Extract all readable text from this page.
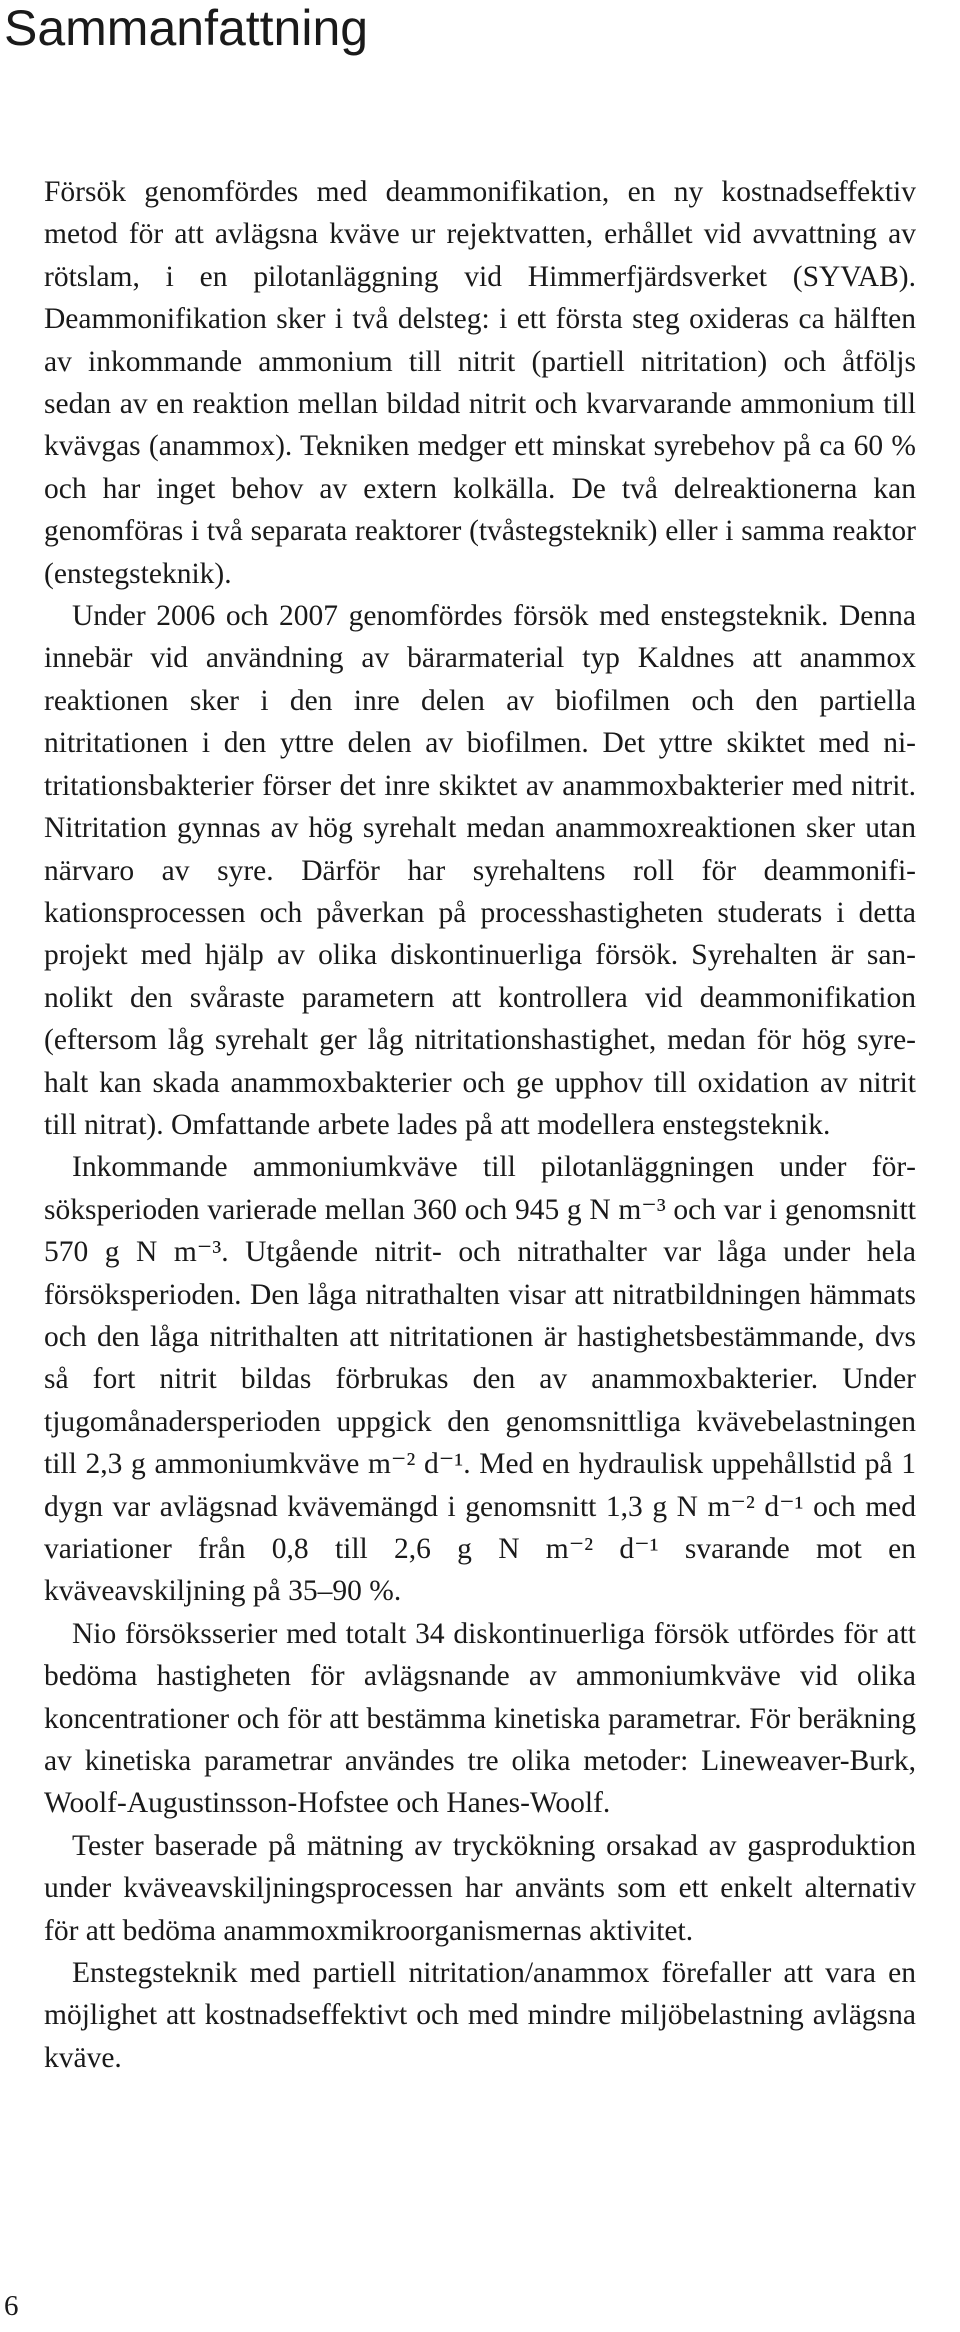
Sammanfattning

Försök genomfördes med deammonifikation, en ny kostnadseffektiv metod för att avlägsna kväve ur rejektvatten, erhållet vid avvattning av rötslam, i en pilotanläggning vid Himmerfjärdsverket (SYVAB). Deammonifikation sker i två delsteg: i ett första steg oxideras ca hälften av inkommande ammonium till nitrit (partiell nitritation) och åtföljs sedan av en reaktion mellan bildad nitrit och kvarvarande ammonium till kvävgas (anammox). Tekniken medger ett minskat syrebehov på ca 60 % och har inget behov av extern kolkälla. De två delreaktionerna kan genomföras i två separata reaktorer (tvåstegsteknik) eller i samma reaktor (enstegsteknik).

Under 2006 och 2007 genomfördes försök med enstegsteknik. Denna innebär vid användning av bärarmaterial typ Kaldnes att anammox reaktionen sker i den inre delen av biofilmen och den partiella nitritationen i den yttre delen av biofilmen. Det yttre skiktet med nitritationsbakterier förser det inre skiktet av anammoxbakterier med nitrit. Nitritation gynnas av hög syrehalt medan anammoxreaktionen sker utan närvaro av syre. Därför har syrehaltens roll för deammonifikationsprocessen och påverkan på processhastigheten studerats i detta projekt med hjälp av olika diskontinuerliga försök. Syrehalten är sannolikt den svåraste parametern att kontrollera vid deammonifikation (eftersom låg syrehalt ger låg nitritationshastighet, medan för hög syrehalt kan skada anammoxbakterier och ge upphov till oxidation av nitrit till nitrat). Omfattande arbete lades på att modellera enstegsteknik.

Inkommande ammoniumkväve till pilotanläggningen under försöksperioden varierade mellan 360 och 945 g N m⁻³ och var i genomsnitt 570 g N m⁻³. Utgående nitrit- och nitrathalter var låga under hela försöksperioden. Den låga nitrathalten visar att nitratbildningen hämmats och den låga nitrithalten att nitritationen är hastighetsbestämmande, dvs så fort nitrit bildas förbrukas den av anammoxbakterier. Under tjugomånadersperioden uppgick den genomsnittliga kvävebelastningen till 2,3 g ammoniumkväve m⁻² d⁻¹. Med en hydraulisk uppehållstid på 1 dygn var avlägsnad kvävemängd i genomsnitt 1,3 g N m⁻² d⁻¹ och med variationer från 0,8 till 2,6 g N m⁻² d⁻¹ svarande mot en kväveavskiljning på 35–90 %.

Nio försöksserier med totalt 34 diskontinuerliga försök utfördes för att bedöma hastigheten för avlägsnande av ammoniumkväve vid olika koncentrationer och för att bestämma kinetiska parametrar. För beräkning av kinetiska parametrar användes tre olika metoder: Lineweaver-Burk, Woolf-Augustinsson-Hofstee och Hanes-Woolf.

Tester baserade på mätning av tryckökning orsakad av gasproduktion under kväveavskiljningsprocessen har använts som ett enkelt alternativ för att bedöma anammoxmikroorganismernas aktivitet.

Enstegsteknik med partiell nitritation/anammox förefaller att vara en möjlighet att kostnadseffektivt och med mindre miljöbelastning avlägsna kväve.

6
